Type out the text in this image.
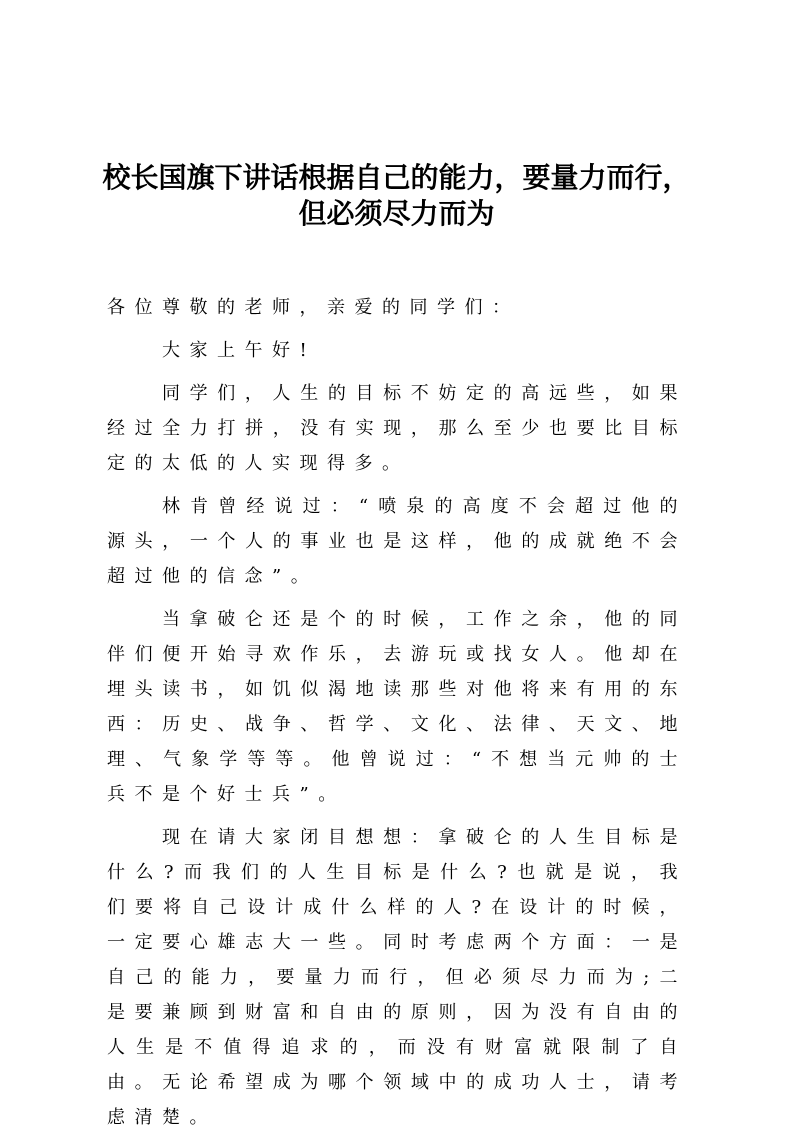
校长国旗下讲话根据自己的能力，要量力而行，但必须尽力而为

各位尊敬的老师，亲爱的同学们：

大家上午好!

同学们，人生的目标不妨定的高远些，如果经过全力打拼，没有实现，那么至少也要比目标定的太低的人实现得多。

林肯曾经说过：“喷泉的高度不会超过他的源头，一个人的事业也是这样，他的成就绝不会超过他的信念”。

当拿破仑还是个的时候，工作之余，他的同伴们便开始寻欢作乐，去游玩或找女人。他却在埋头读书，如饥似渴地读那些对他将来有用的东西：历史、战争、哲学、文化、法律、天文、地理、气象学等等。他曾说过：“不想当元帅的士兵不是个好士兵”。

现在请大家闭目想想：拿破仑的人生目标是什么?而我们的人生目标是什么?也就是说，我们要将自己设计成什么样的人?在设计的时候，一定要心雄志大一些。同时考虑两个方面：一是自己的能力，要量力而行，但必须尽力而为;二是要兼顾到财富和自由的原则，因为没有自由的人生是不值得追求的，而没有财富就限制了自由。无论希望成为哪个领域中的成功人士，请考虑清楚。
